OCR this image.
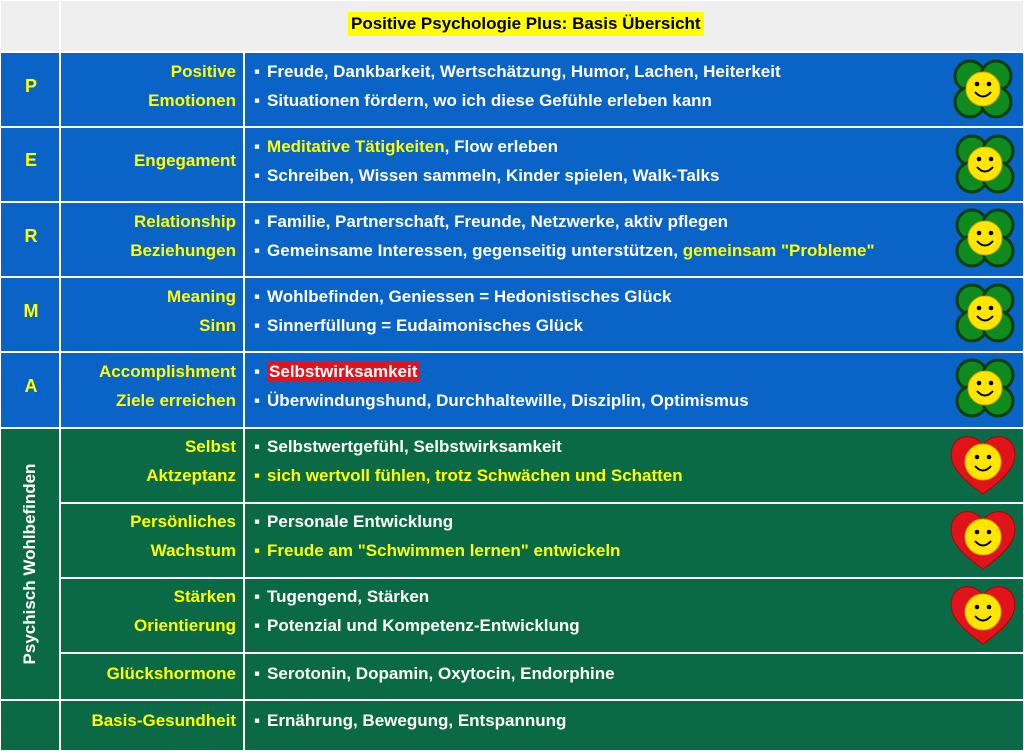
Positive Psychologie Plus: Basis Übersicht
P
E
R
M
A
Positive
Emotionen
Engegament
Relationship
Beziehungen
Meaning
Sinn
Accomplishment
Ziele erreichen
▪ Freude, Dankbarkeit, Wertschätzung, Humor, Lachen, Heiterkeit
▪ Situationen fördern, wo ich diese Gefühle erleben kann
▪ Meditative Tätigkeiten, Flow erleben
▪ Schreiben, Wissen sammeln, Kinder spielen, Walk-Talks
▪ Familie, Partnerschaft, Freunde, Netzwerke, aktiv pflegen
▪ Gemeinsame Interessen, gegenseitig unterstützen, gemeinsam "Probleme"
▪ Wohlbefinden, Geniessen = Hedonistisches Glück
▪ Sinnerfüllung = Eudaimonisches Glück
▪ Selbstwirksamkeit
▪ Überwindungshund, Durchhaltewille, Disziplin, Optimismus
Psychisch Wohlbefinden
Selbst
Aktzeptanz
Persönliches
Wachstum
Stärken
Orientierung
Glückshormone
▪ Selbstwertgefühl, Selbstwirksamkeit
▪ sich wertvoll fühlen, trotz Schwächen und Schatten
▪ Personale Entwicklung
▪ Freude am "Schwimmen lernen" entwickeln
▪ Tugengend, Stärken
▪ Potenzial und Kompetenz-Entwicklung
▪ Serotonin, Dopamin, Oxytocin, Endorphine
Basis-Gesundheit
▪	Ernährung, Bewegung, Entspannung
